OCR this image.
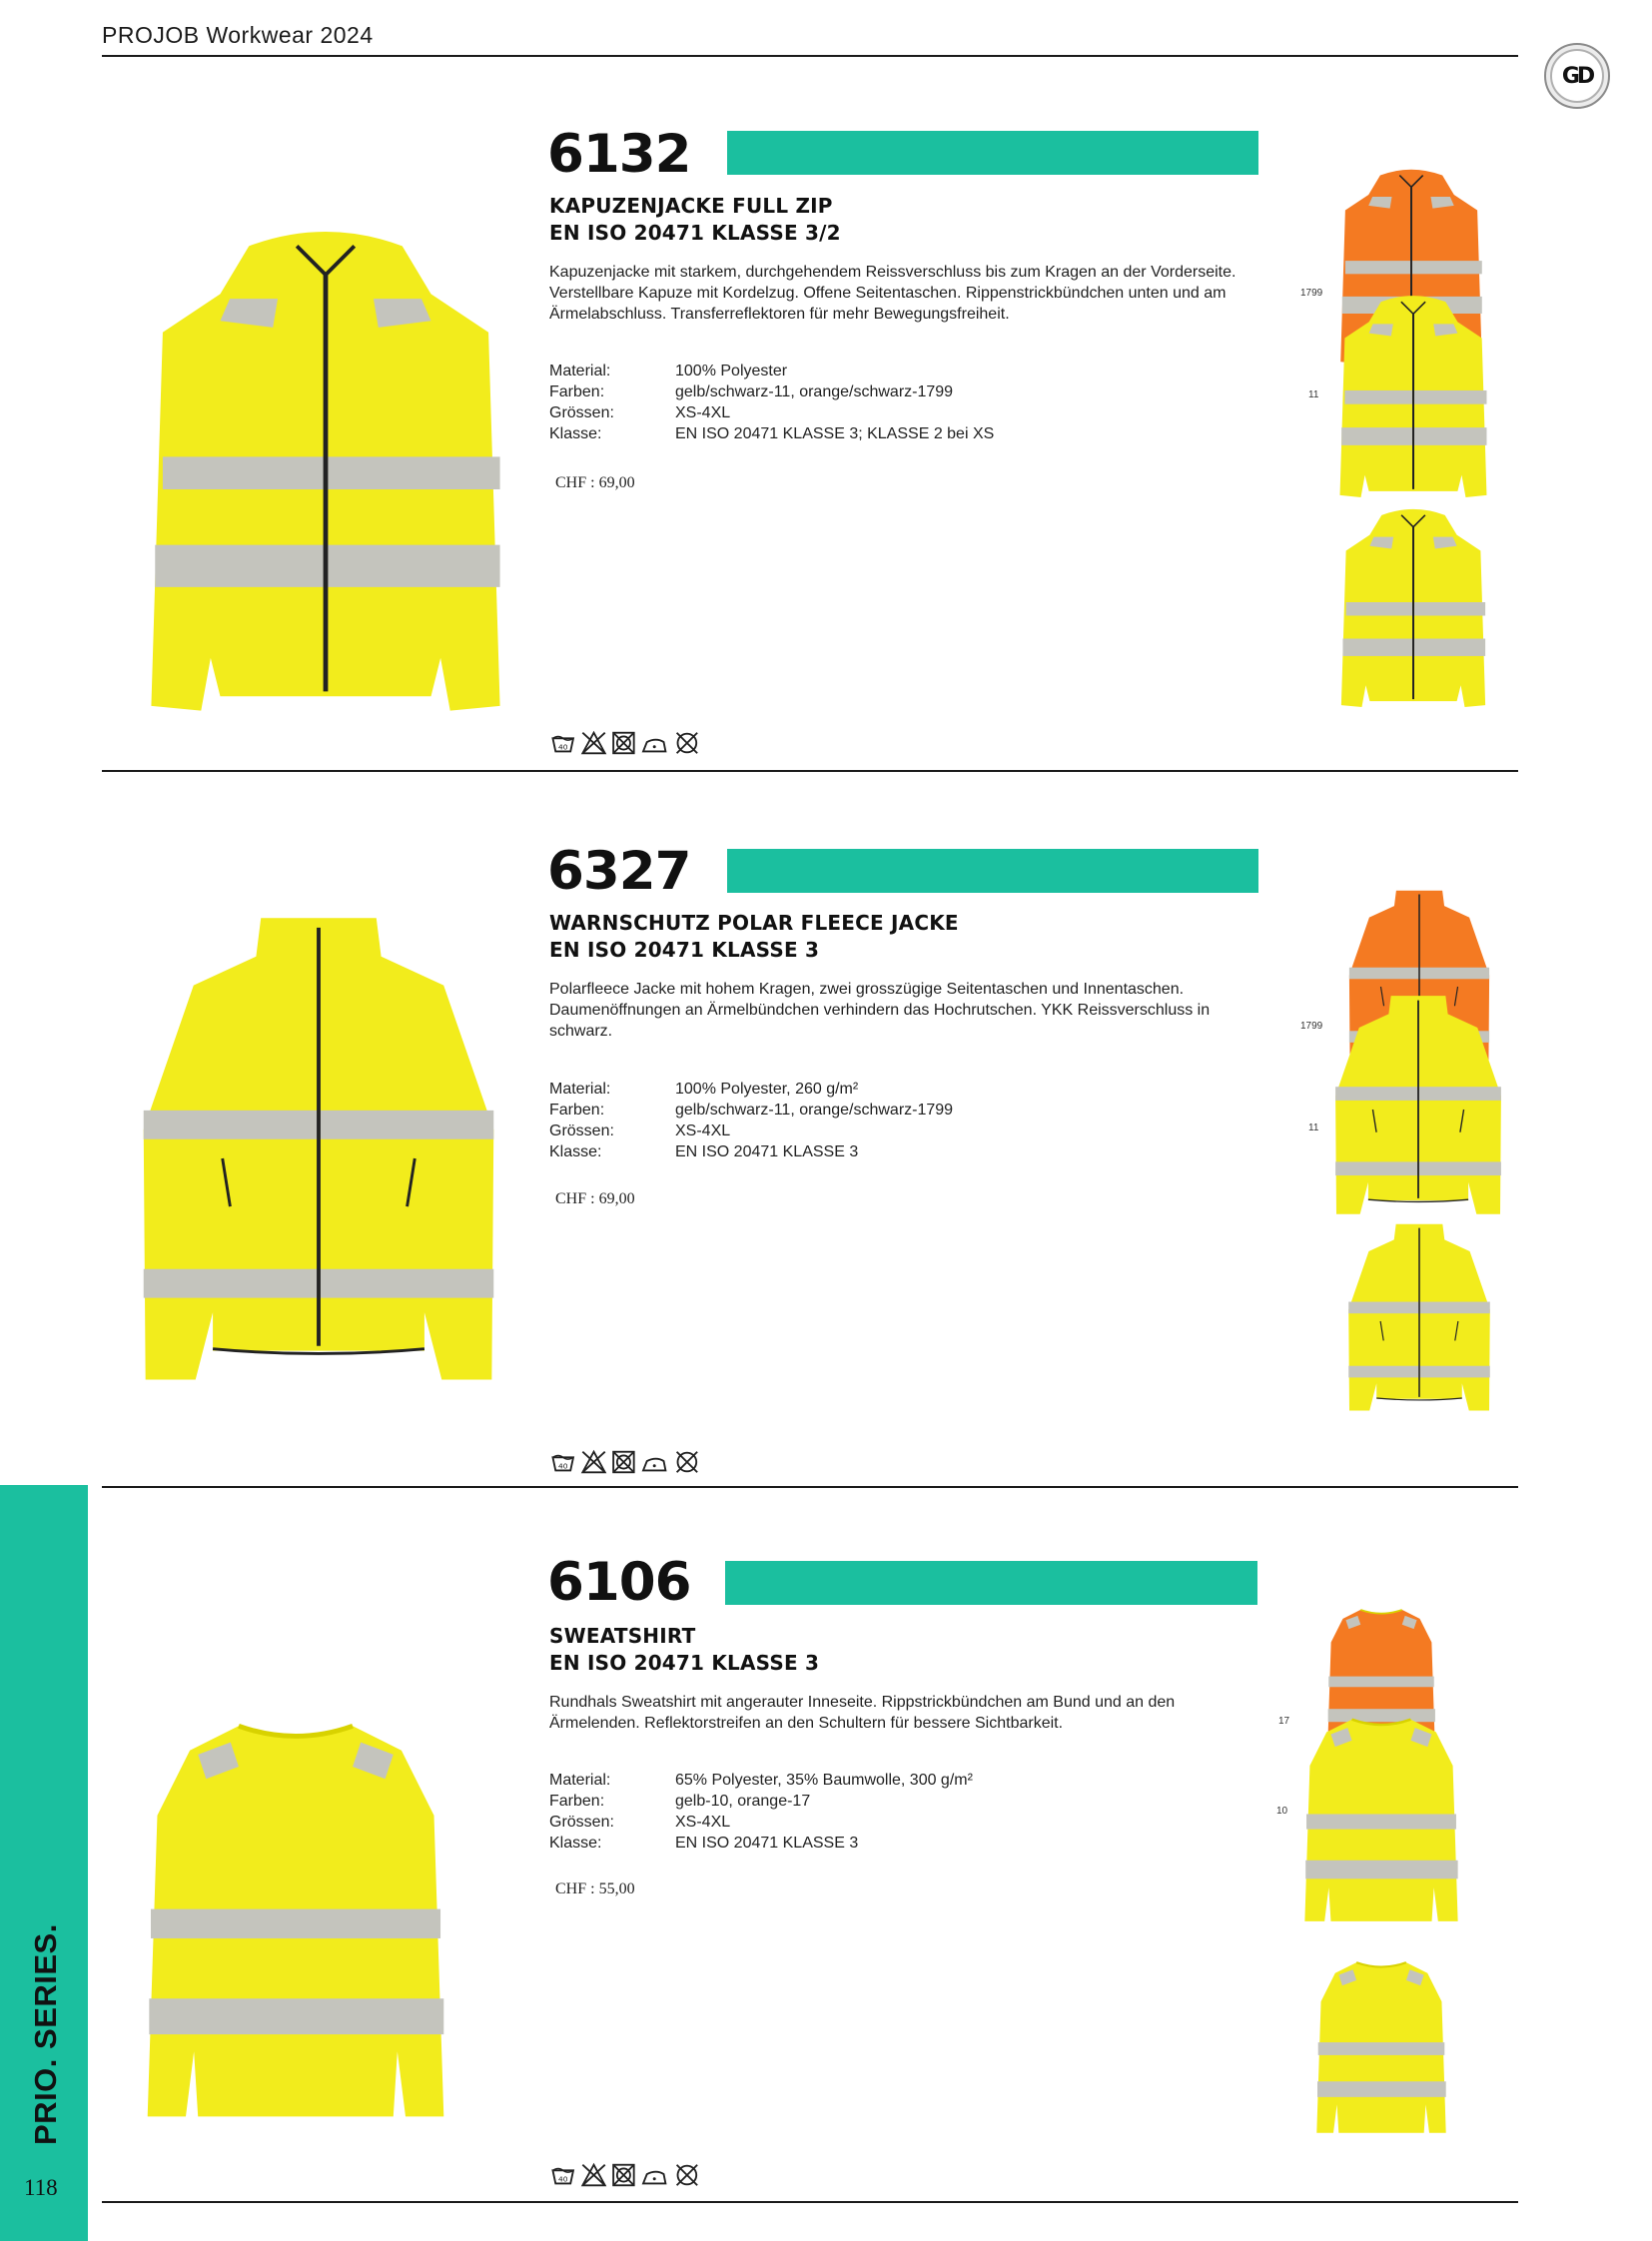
PROJOB Workwear 2024
GD
PRIO. SERIES.
118
6132
KAPUZENJACKE FULL ZIP
EN ISO 20471 KLASSE 3/2
Kapuzenjacke mit starkem, durchgehendem Reissverschluss bis zum Kragen an der Vorderseite. Verstellbare Kapuze mit Kordelzug. Offene Seitentaschen. Rippenstrickbündchen unten und am Ärmelabschluss. Transferreflektoren für mehr Bewegungsfreiheit.
Material:	100% Polyester
Farben:	gelb/schwarz-11, orange/schwarz-1799
Grössen:	XS-4XL
Klasse:	EN ISO 20471 KLASSE 3; KLASSE 2 bei XS
CHF : 69,00
1799
11
6327
WARNSCHUTZ POLAR FLEECE JACKE
EN ISO 20471 KLASSE 3
Polarfleece Jacke mit hohem Kragen, zwei grosszügige Seitentaschen und Innentaschen. Daumenöffnungen an Ärmelbündchen verhindern das Hochrutschen. YKK Reissverschluss in schwarz.
Material:	100% Polyester, 260 g/m²
Farben:	gelb/schwarz-11, orange/schwarz-1799
Grössen:	XS-4XL
Klasse:	EN ISO 20471 KLASSE 3
CHF : 69,00
1799
11
6106
SWEATSHIRT
EN ISO 20471 KLASSE 3
Rundhals Sweatshirt mit angerauter Inneseite. Rippstrickbündchen am Bund und an den Ärmelenden. Reflektorstreifen an den Schultern für bessere Sichtbarkeit.
Material:	65% Polyester, 35% Baumwolle, 300 g/m²
Farben:	gelb-10, orange-17
Grössen:	XS-4XL
Klasse:	EN ISO 20471 KLASSE 3
CHF : 55,00
17
10
